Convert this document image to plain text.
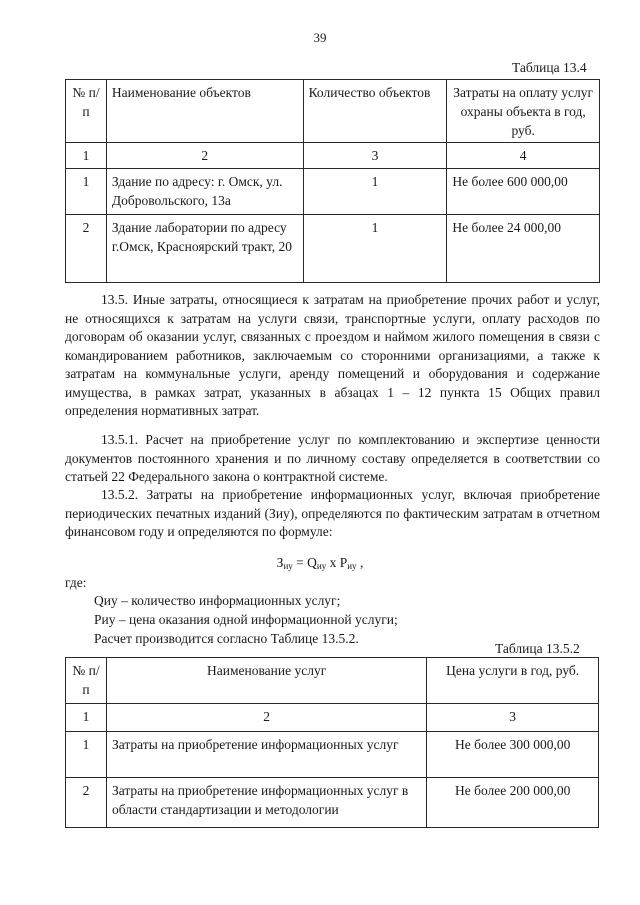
39
Таблица 13.4
№ п/п	Наименование объектов	Количество объектов	Затраты на оплату услуг охраны объекта в год, руб.
1	2	3	4
1	Здание по адресу: г. Омск, ул. Добровольского, 13а	1	Не более 600 000,00
2	Здание лаборатории по адресу г.Омск, Красноярский тракт, 20	1	Не более 24 000,00
13.5. Иные затраты, относящиеся к затратам на приобретение прочих работ и услуг, не относящихся к затратам на услуги связи, транспортные услуги, оплату расходов по договорам об оказании услуг, связанных с проездом и наймом жилого помещения в связи с командированием работников, заключаемым со сторонними организациями, а также к затратам на коммунальные услуги, аренду помещений и оборудования и содержание имущества, в рамках затрат, указанных в абзацах 1 – 12 пункта 15 Общих правил определения нормативных затрат.
13.5.1. Расчет на приобретение услуг по комплектованию и экспертизе ценности документов постоянного хранения и по личному составу определяется в соответствии со статьей 22 Федерального закона о контрактной системе.
13.5.2. Затраты на приобретение информационных услуг, включая приобретение периодических печатных изданий (Зиу), определяются по фактическим затратам в отчетном финансовом году и определяются по формуле:
$З_{иу} = Q_{иу}$ x $P_{иу}$ ,
где:
Qиу – количество информационных услуг;
Pиу – цена оказания одной информационной услуги;
Расчет производится согласно Таблице 13.5.2.
Таблица 13.5.2
№ п/п	Наименование услуг	Цена услуги в год, руб.
1	2	3
1	Затраты на приобретение информационных услуг	Не более 300 000,00
2	Затраты на приобретение информационных услуг в области стандартизации и методологии	Не более 200 000,00
